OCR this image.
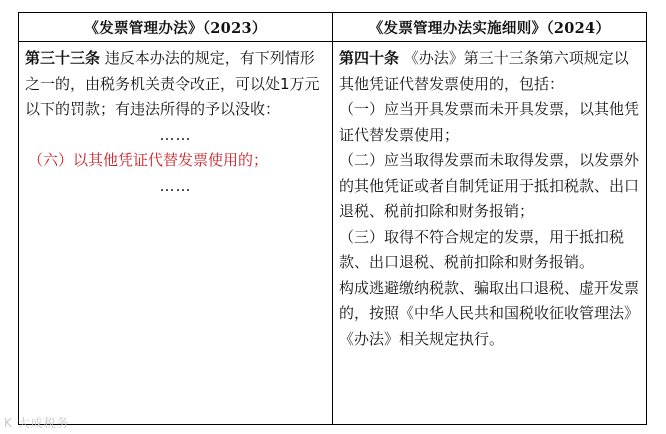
《发票管理办法》（2023）	《发票管理办法实施细则》（2024）

第三十三条 违反本办法的规定，有下列情形之一的，由税务机关责令改正，可以处1万元以下的罚款；有违法所得的予以没收：

……

（六）以其他凭证代替发票使用的；

……

第四十条 《办法》第三十三条第六项规定以其他凭证代替发票使用的，包括：

（一）应当开具发票而未开具发票，以其他凭证代替发票使用；

（二）应当取得发票而未取得发票，以发票外的其他凭证或者自制凭证用于抵扣税款、出口退税、税前扣除和财务报销；

（三）取得不符合规定的发票，用于抵扣税款、出口退税、税前扣除和财务报销。

构成逃避缴纳税款、骗取出口退税、虚开发票的，按照《中华人民共和国税收征收管理法》《办法》相关规定执行。

K 大成税务
